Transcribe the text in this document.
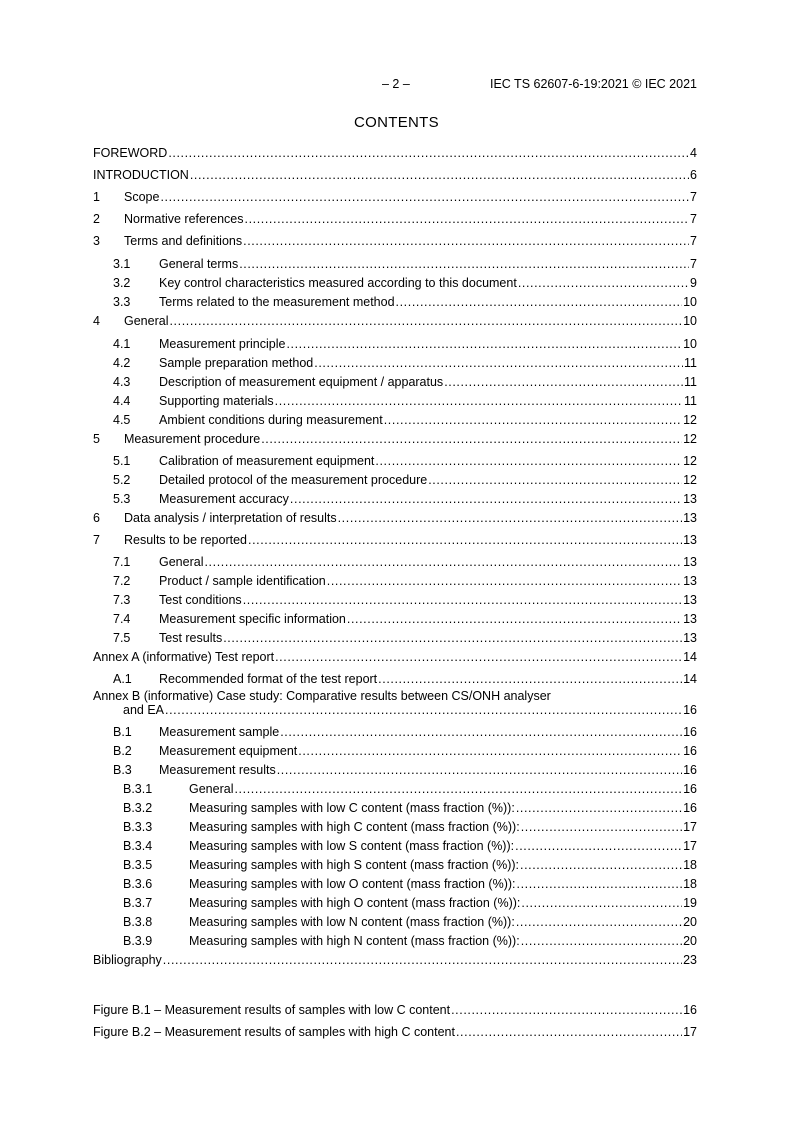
– 2 –	IEC TS 62607-6-19:2021 © IEC 2021
CONTENTS
FOREWORD .....	4
INTRODUCTION .....	6
1	Scope .....	7
2	Normative references .....	7
3	Terms and definitions .....	7
3.1	General terms .....	7
3.2	Key control characteristics measured according to this document .....	9
3.3	Terms related to the measurement method .....	10
4	General .....	10
4.1	Measurement principle .....	10
4.2	Sample preparation method .....	11
4.3	Description of measurement equipment / apparatus .....	11
4.4	Supporting materials .....	11
4.5	Ambient conditions during measurement .....	12
5	Measurement procedure .....	12
5.1	Calibration of measurement equipment .....	12
5.2	Detailed protocol of the measurement procedure .....	12
5.3	Measurement accuracy .....	13
6	Data analysis / interpretation of results .....	13
7	Results to be reported .....	13
7.1	General .....	13
7.2	Product / sample identification .....	13
7.3	Test conditions .....	13
7.4	Measurement specific information .....	13
7.5	Test results .....	13
Annex A (informative) Test report .....	14
A.1	Recommended format of the test report .....	14
Annex B (informative) Case study: Comparative results between CS/ONH analyser
and EA .....	16
B.1	Measurement sample .....	16
B.2	Measurement equipment .....	16
B.3	Measurement results .....	16
B.3.1	General .....	16
B.3.2	Measuring samples with low C content (mass fraction (%)): .....	16
B.3.3	Measuring samples with high C content (mass fraction (%)): .....	17
B.3.4	Measuring samples with low S content (mass fraction (%)): .....	17
B.3.5	Measuring samples with high S content (mass fraction (%)): .....	18
B.3.6	Measuring samples with low O content (mass fraction (%)): .....	18
B.3.7	Measuring samples with high O content (mass fraction (%)): .....	19
B.3.8	Measuring samples with low N content (mass fraction (%)): .....	20
B.3.9	Measuring samples with high N content (mass fraction (%)): .....	20
Bibliography .....	23
Figure B.1 – Measurement results of samples with low C content .....	16
Figure B.2 – Measurement results of samples with high C content .....	17
